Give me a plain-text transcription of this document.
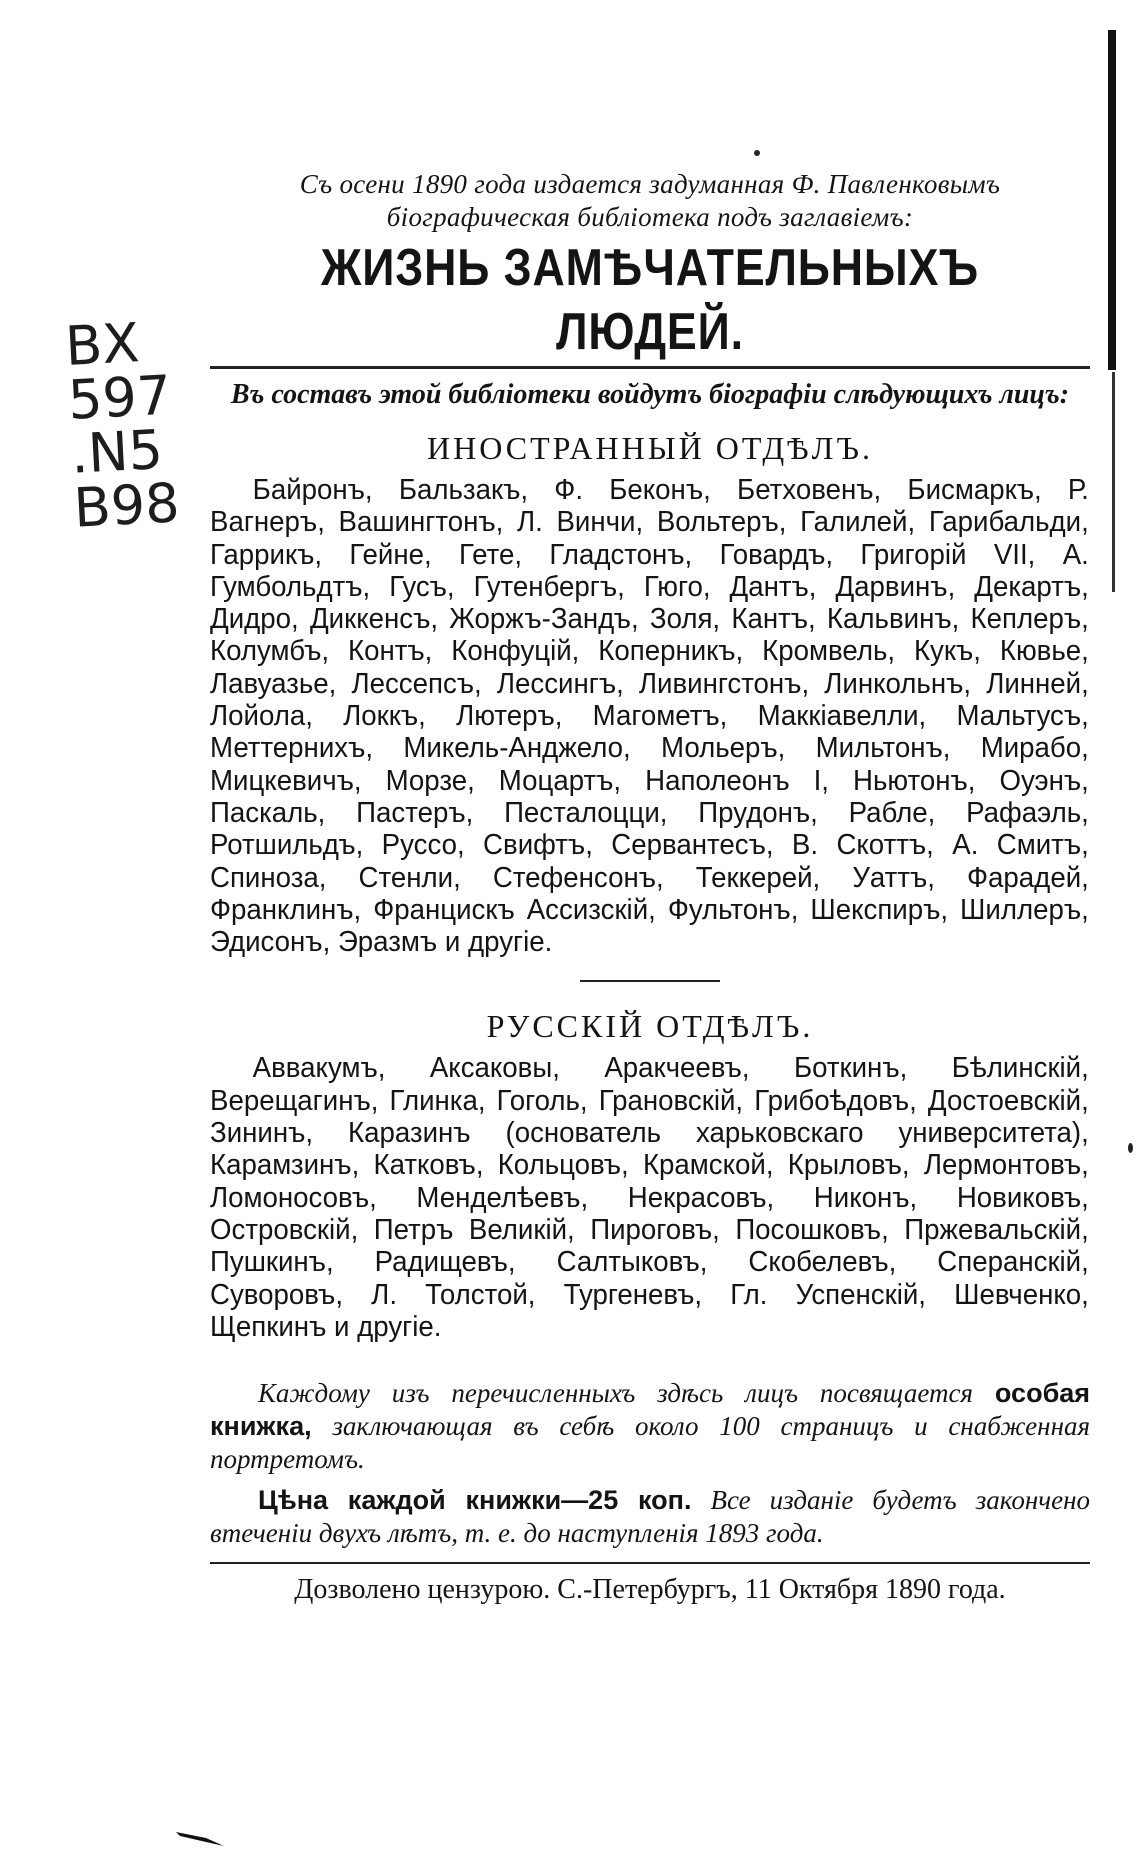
BX
597
.N5
B98
Съ осени 1890 года издается задуманная Ф. Павленковымъ
біографическая библіотека подъ заглавіемъ:
ЖИЗНЬ ЗАМѢЧАТЕЛЬНЫХЪ ЛЮДЕЙ.
Въ составъ этой библіотеки войдутъ біографіи слѣдующихъ лицъ:
ИНОСТРАННЫЙ ОТДѢЛЪ.
Байронъ, Бальзакъ, Ф. Беконъ, Бетховенъ, Бисмаркъ, Р. Вагнеръ, Вашингтонъ, Л. Винчи, Вольтеръ, Галилей, Гарибальди, Гаррикъ, Гейне, Гете, Гладстонъ, Говардъ, Григорій VII, А. Гумбольдтъ, Гусъ, Гутенбергъ, Гюго, Дантъ, Дарвинъ, Декартъ, Дидро, Диккенсъ, Жоржъ-Зандъ, Золя, Кантъ, Кальвинъ, Кеплеръ, Колумбъ, Контъ, Конфуцій, Коперникъ, Кромвель, Кукъ, Кювье, Лавуазье, Лессепсъ, Лессингъ, Ливингстонъ, Линкольнъ, Линней, Лойола, Локкъ, Лютеръ, Магометъ, Маккіавелли, Мальтусъ, Меттернихъ, Микель-Анджело, Мольеръ, Мильтонъ, Мирабо, Мицкевичъ, Морзе, Моцартъ, Наполеонъ I, Ньютонъ, Оуэнъ, Паскаль, Пастеръ, Песталоцци, Прудонъ, Рабле, Рафаэль, Ротшильдъ, Руссо, Свифтъ, Сервантесъ, В. Скоттъ, А. Смитъ, Спиноза, Стенли, Стефенсонъ, Теккерей, Уаттъ, Фарадей, Франклинъ, Францискъ Ассизскій, Фультонъ, Шекспиръ, Шиллеръ, Эдисонъ, Эразмъ и другіе.
РУССКІЙ ОТДѢЛЪ.
Аввакумъ, Аксаковы, Аракчеевъ, Боткинъ, Бѣлинскій, Верещагинъ, Глинка, Гоголь, Грановскій, Грибоѣдовъ, Достоевскій, Зининъ, Каразинъ (основатель харьковскаго университета), Карамзинъ, Катковъ, Кольцовъ, Крамской, Крыловъ, Лермонтовъ, Ломоносовъ, Менделѣевъ, Некрасовъ, Никонъ, Новиковъ, Островскій, Петръ Великій, Пироговъ, Посошковъ, Пржевальскій, Пушкинъ, Радищевъ, Салтыковъ, Скобелевъ, Сперанскій, Суворовъ, Л. Толстой, Тургеневъ, Гл. Успенскій, Шевченко, Щепкинъ и другіе.
Каждому изъ перечисленныхъ здѣсь лицъ посвящается особая книжка, заключающая въ себѣ около 100 страницъ и снабженная портретомъ.
Цѣна каждой книжки—25 коп. Все изданіе будетъ закончено втеченіи двухъ лѣтъ, т. е. до наступленія 1893 года.
Дозволено цензурою. С.-Петербургъ, 11 Октября 1890 года.
